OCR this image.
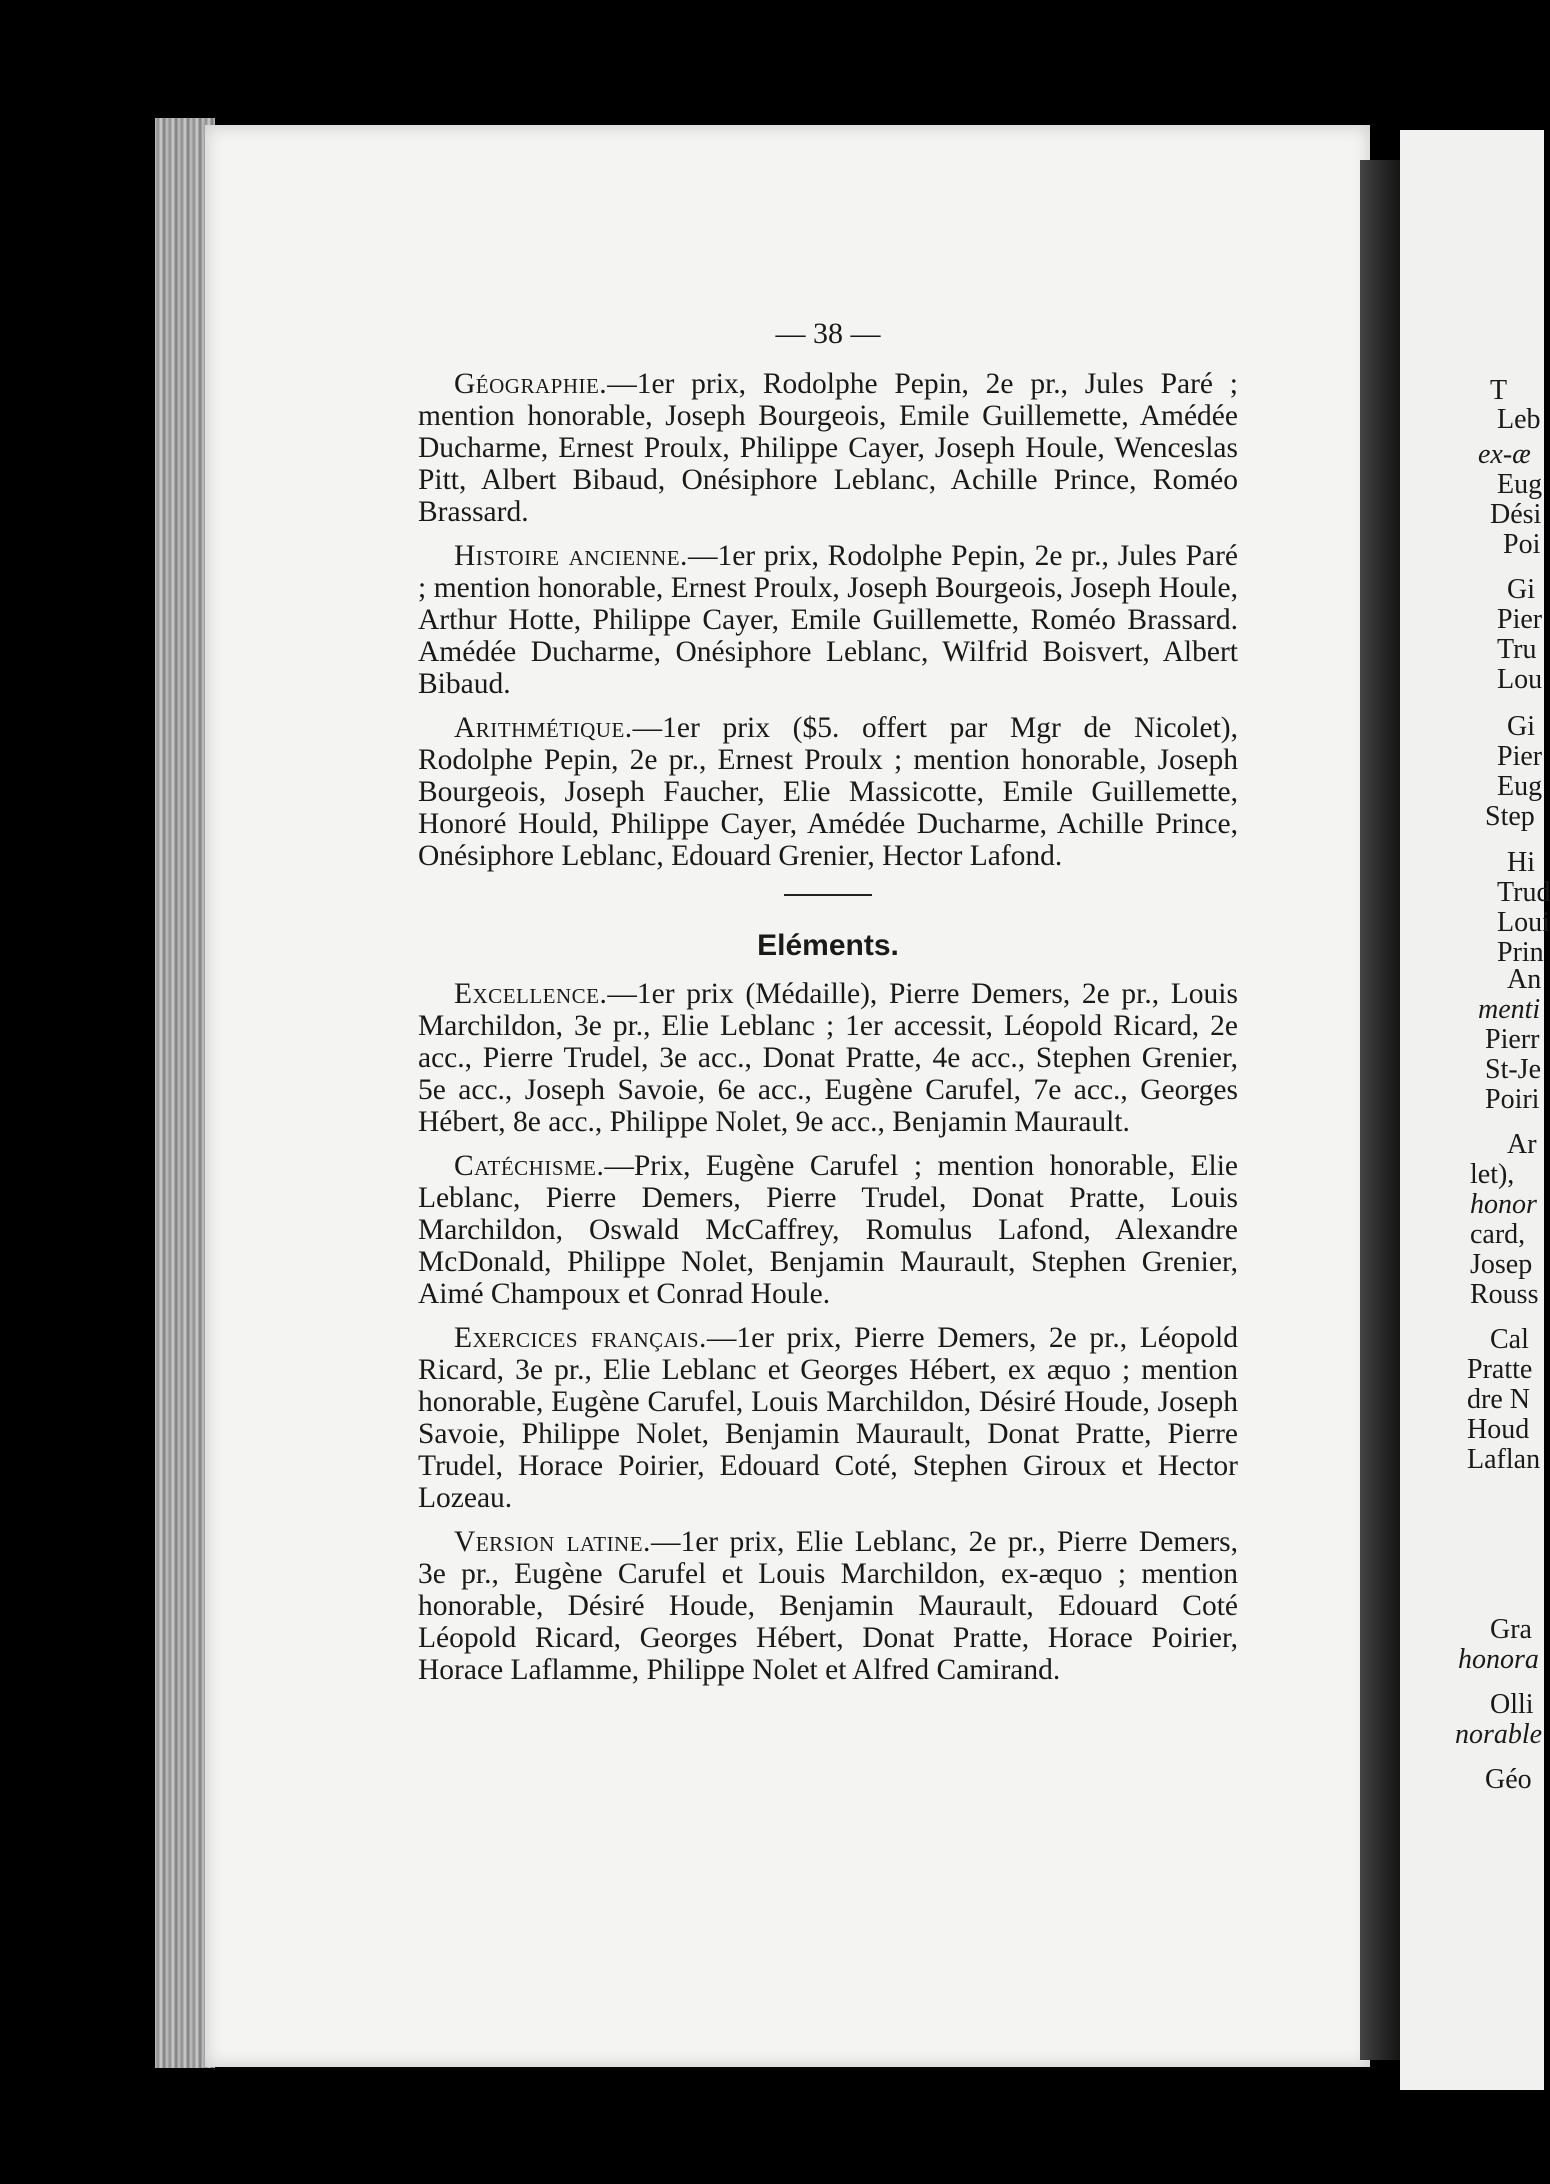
— 38 —

Géographie.—1er prix, Rodolphe Pepin, 2e pr., Jules Paré ; mention honorable, Joseph Bourgeois, Emile Guillemette, Amédée Ducharme, Ernest Proulx, Philippe Cayer, Joseph Houle, Wenceslas Pitt, Albert Bibaud, Onésiphore Leblanc, Achille Prince, Roméo Brassard.

Histoire ancienne.—1er prix, Rodolphe Pepin, 2e pr., Jules Paré ; mention honorable, Ernest Proulx, Joseph Bourgeois, Joseph Houle, Arthur Hotte, Philippe Cayer, Emile Guillemette, Roméo Brassard. Amédée Ducharme, Onésiphore Leblanc, Wilfrid Boisvert, Albert Bibaud.

Arithmétique.—1er prix ($5. offert par Mgr de Nicolet), Rodolphe Pepin, 2e pr., Ernest Proulx ; mention honorable, Joseph Bourgeois, Joseph Faucher, Elie Massicotte, Emile Guillemette, Honoré Hould, Philippe Cayer, Amédée Ducharme, Achille Prince, Onésiphore Leblanc, Edouard Grenier, Hector Lafond.

Eléments.

Excellence.—1er prix (Médaille), Pierre Demers, 2e pr., Louis Marchildon, 3e pr., Elie Leblanc ; 1er accessit, Léopold Ricard, 2e acc., Pierre Trudel, 3e acc., Donat Pratte, 4e acc., Stephen Grenier, 5e acc., Joseph Savoie, 6e acc., Eugène Carufel, 7e acc., Georges Hébert, 8e acc., Philippe Nolet, 9e acc., Benjamin Maurault.

Catéchisme.—Prix, Eugène Carufel ; mention honorable, Elie Leblanc, Pierre Demers, Pierre Trudel, Donat Pratte, Louis Marchildon, Oswald McCaffrey, Romulus Lafond, Alexandre McDonald, Philippe Nolet, Benjamin Maurault, Stephen Grenier, Aimé Champoux et Conrad Houle.

Exercices français.—1er prix, Pierre Demers, 2e pr., Léopold Ricard, 3e pr., Elie Leblanc et Georges Hébert, ex æquo ; mention honorable, Eugène Carufel, Louis Marchildon, Désiré Houde, Joseph Savoie, Philippe Nolet, Benjamin Maurault, Donat Pratte, Pierre Trudel, Horace Poirier, Edouard Coté, Stephen Giroux et Hector Lozeau.

Version latine.—1er prix, Elie Leblanc, 2e pr., Pierre Demers, 3e pr., Eugène Carufel et Louis Marchildon, ex-æquo ; mention honorable, Désiré Houde, Benjamin Maurault, Edouard Coté Léopold Ricard, Georges Hébert, Donat Pratte, Horace Poirier, Horace Laflamme, Philippe Nolet et Alfred Camirand.

T
Leb
ex-æ
Eug
Dési
Poi
Gi
Pier
Tru
Lou
Gi
Pier
Eug
Step
Hi
Trud
Loui
Prin
An
menti
Pierr
St-Je
Poiri
Ar
let),
honor
card,
Josep
Rouss
Cal
Pratte
dre N
Houd
Laflan
Gra
honora
Olli
norable
Géo
